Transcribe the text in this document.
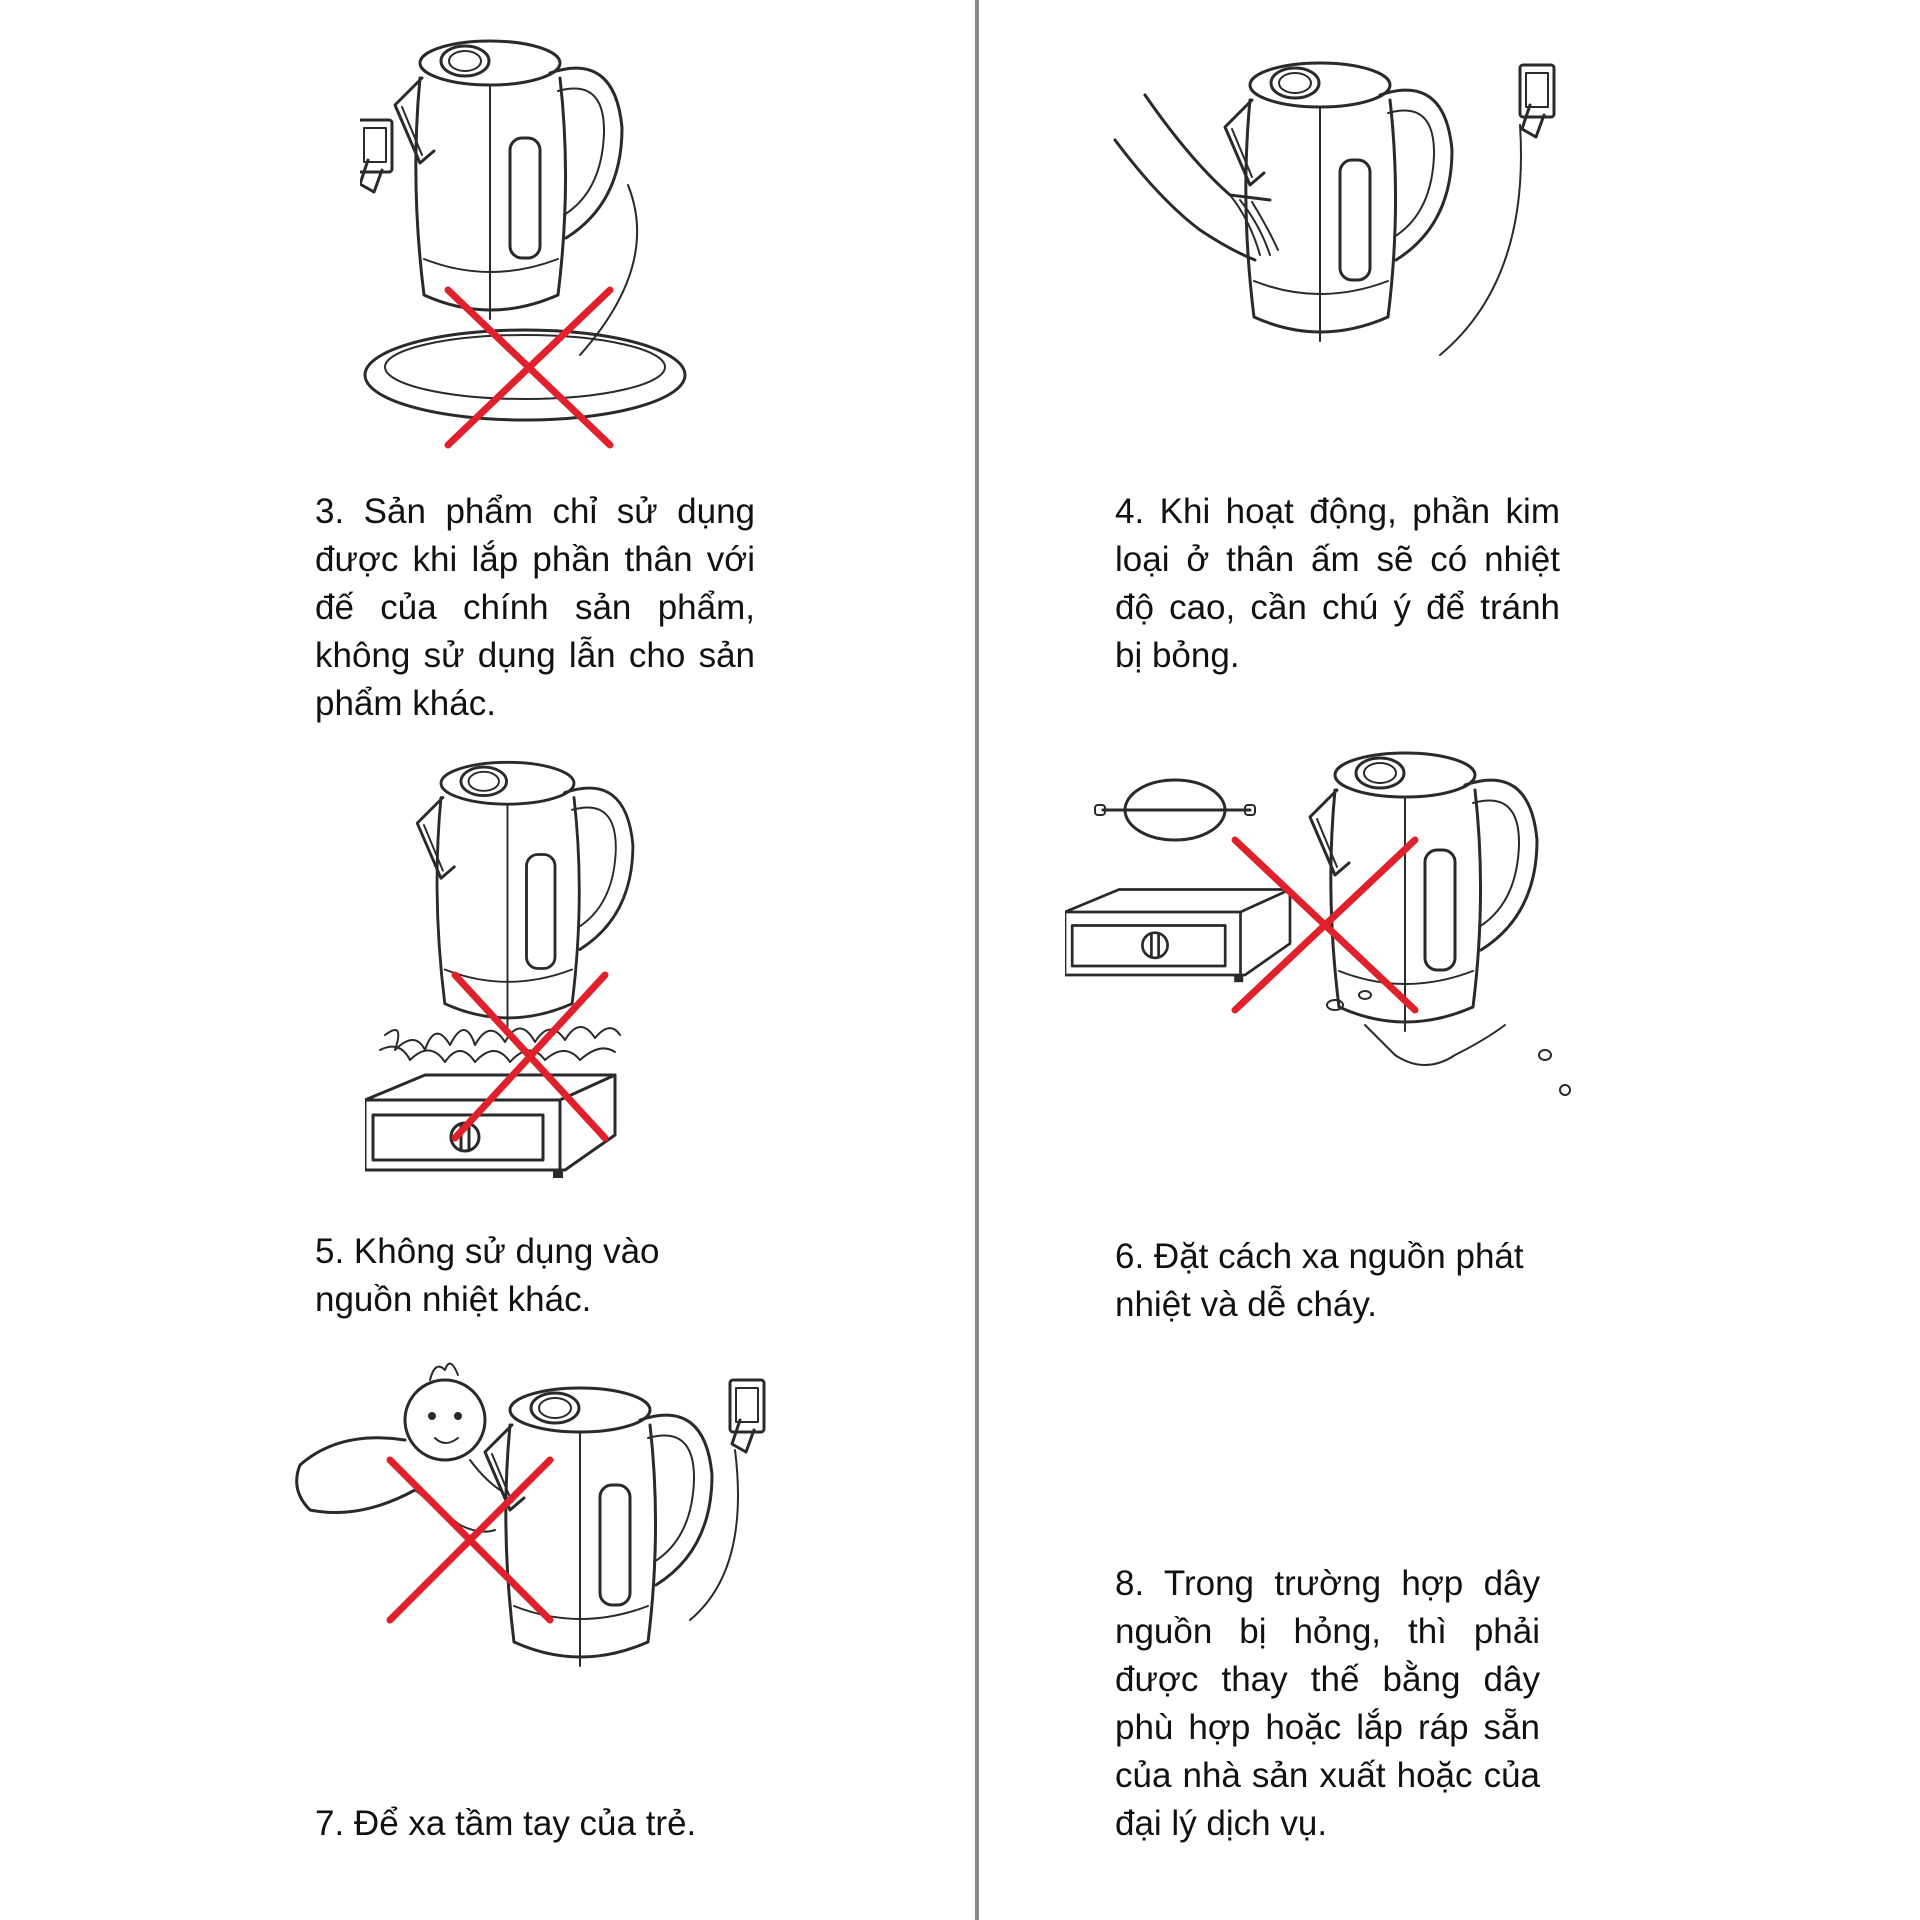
3. Sản phẩm chỉ sử dụng được khi lắp phần thân với đế của chính sản phẩm, không sử dụng lẫn cho sản phẩm khác.

4. Khi hoạt động, phần kim loại ở thân ấm sẽ có nhiệt độ cao, cần chú ý để tránh bị bỏng.

5. Không sử dụng vào nguồn nhiệt khác.

6. Đặt cách xa nguồn phát nhiệt và dễ cháy.

7. Để xa tầm tay của trẻ.

8. Trong trường hợp dây nguồn bị hỏng, thì phải được thay thế bằng dây phù hợp hoặc lắp ráp sẵn của nhà sản xuất hoặc của đại lý dịch vụ.
